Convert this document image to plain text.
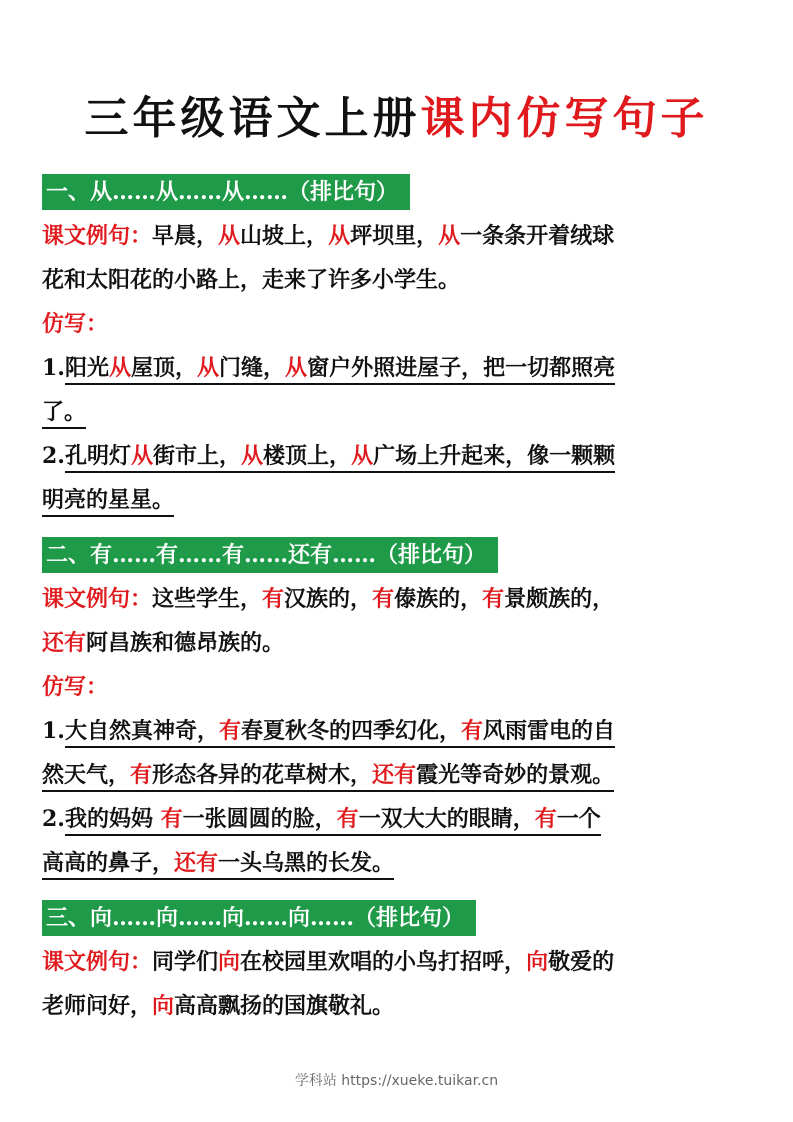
三年级语文上册课内仿写句子
一、从……从……从……（排比句）
课文例句：早晨，从山坡上，从坪坝里，从一条条开着绒球
花和太阳花的小路上，走来了许多小学生。
仿写：
1.阳光从屋顶，从门缝，从窗户外照进屋子，把一切都照亮
了。
2.孔明灯从街市上，从楼顶上，从广场上升起来，像一颗颗
明亮的星星。
二、有……有……有……还有……（排比句）
课文例句：这些学生，有汉族的，有傣族的，有景颇族的，
还有阿昌族和德昂族的。
仿写：
1.大自然真神奇，有春夏秋冬的四季幻化，有风雨雷电的自
然天气，有形态各异的花草树木，还有霞光等奇妙的景观。
2.我的妈妈 有一张圆圆的脸，有一双大大的眼睛，有一个
高高的鼻子，还有一头乌黑的长发。
三、向……向……向……向……（排比句）
课文例句：同学们向在校园里欢唱的小鸟打招呼，向敬爱的
老师问好，向高高飘扬的国旗敬礼。
学科站 https://xueke.tuikar.cn
